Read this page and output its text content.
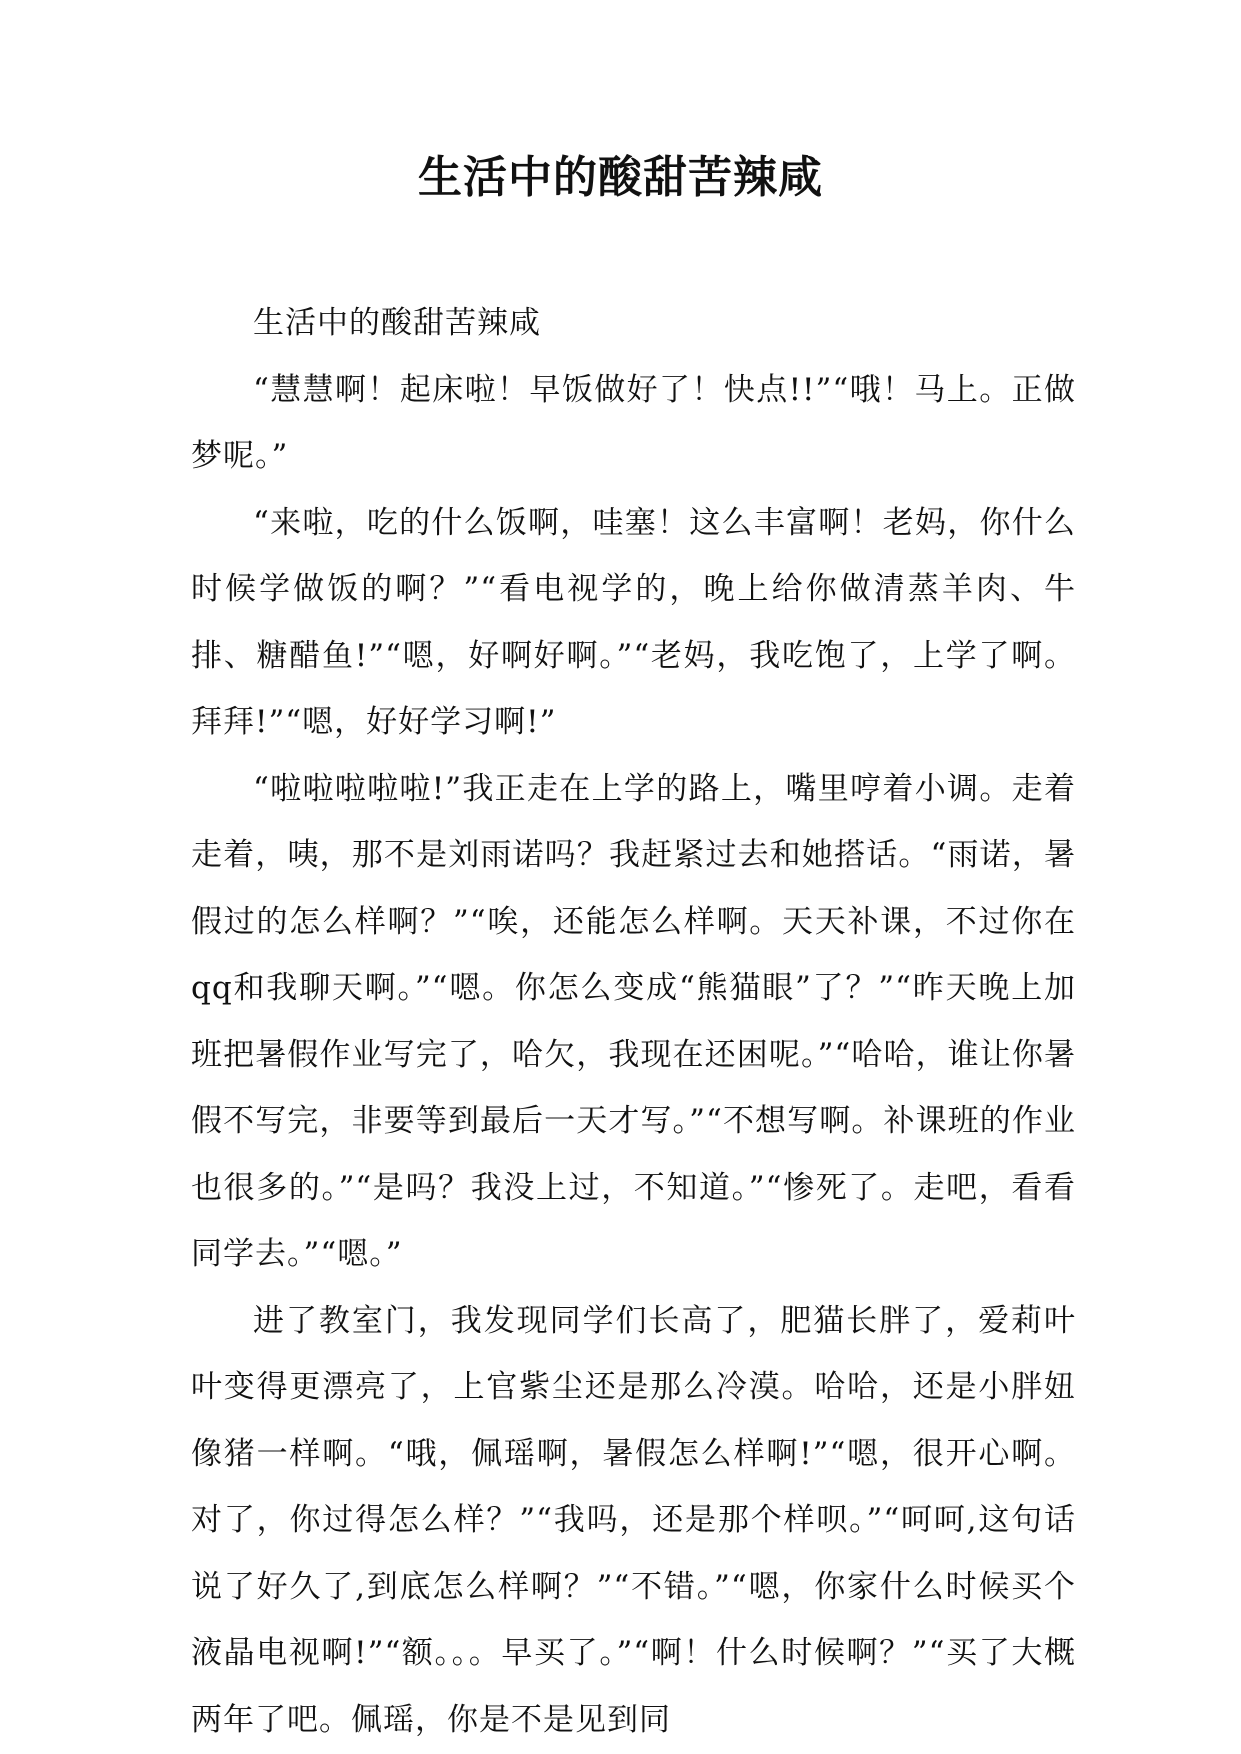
生活中的酸甜苦辣咸

生活中的酸甜苦辣咸

“慧慧啊！起床啦！早饭做好了！快点!!”“哦！马上。正做梦呢。”

“来啦，吃的什么饭啊，哇塞！这么丰富啊！老妈，你什么时候学做饭的啊？”“看电视学的，晚上给你做清蒸羊肉、牛排、糖醋鱼!”“嗯，好啊好啊。”“老妈，我吃饱了，上学了啊。拜拜!”“嗯，好好学习啊!”

“啦啦啦啦啦!”我正走在上学的路上，嘴里哼着小调。走着走着，咦，那不是刘雨诺吗？我赶紧过去和她搭话。“雨诺，暑假过的怎么样啊？”“唉，还能怎么样啊。天天补课，不过你在qq和我聊天啊。”“嗯。你怎么变成“熊猫眼”了？”“昨天晚上加班把暑假作业写完了，哈欠，我现在还困呢。”“哈哈，谁让你暑假不写完，非要等到最后一天才写。”“不想写啊。补课班的作业也很多的。”“是吗？我没上过，不知道。”“惨死了。走吧，看看同学去。”“嗯。”

进了教室门，我发现同学们长高了，肥猫长胖了，爱莉叶叶变得更漂亮了，上官紫尘还是那么冷漠。哈哈，还是小胖妞像猪一样啊。“哦，佩瑶啊，暑假怎么样啊!”“嗯，很开心啊。对了，你过得怎么样？”“我吗，还是那个样呗。”“呵呵,这句话说了好久了,到底怎么样啊？”“不错。”“嗯，你家什么时候买个液晶电视啊!”“额。。。早买了。”“啊！什么时候啊？”“买了大概两年了吧。佩瑶，你是不是见到同
